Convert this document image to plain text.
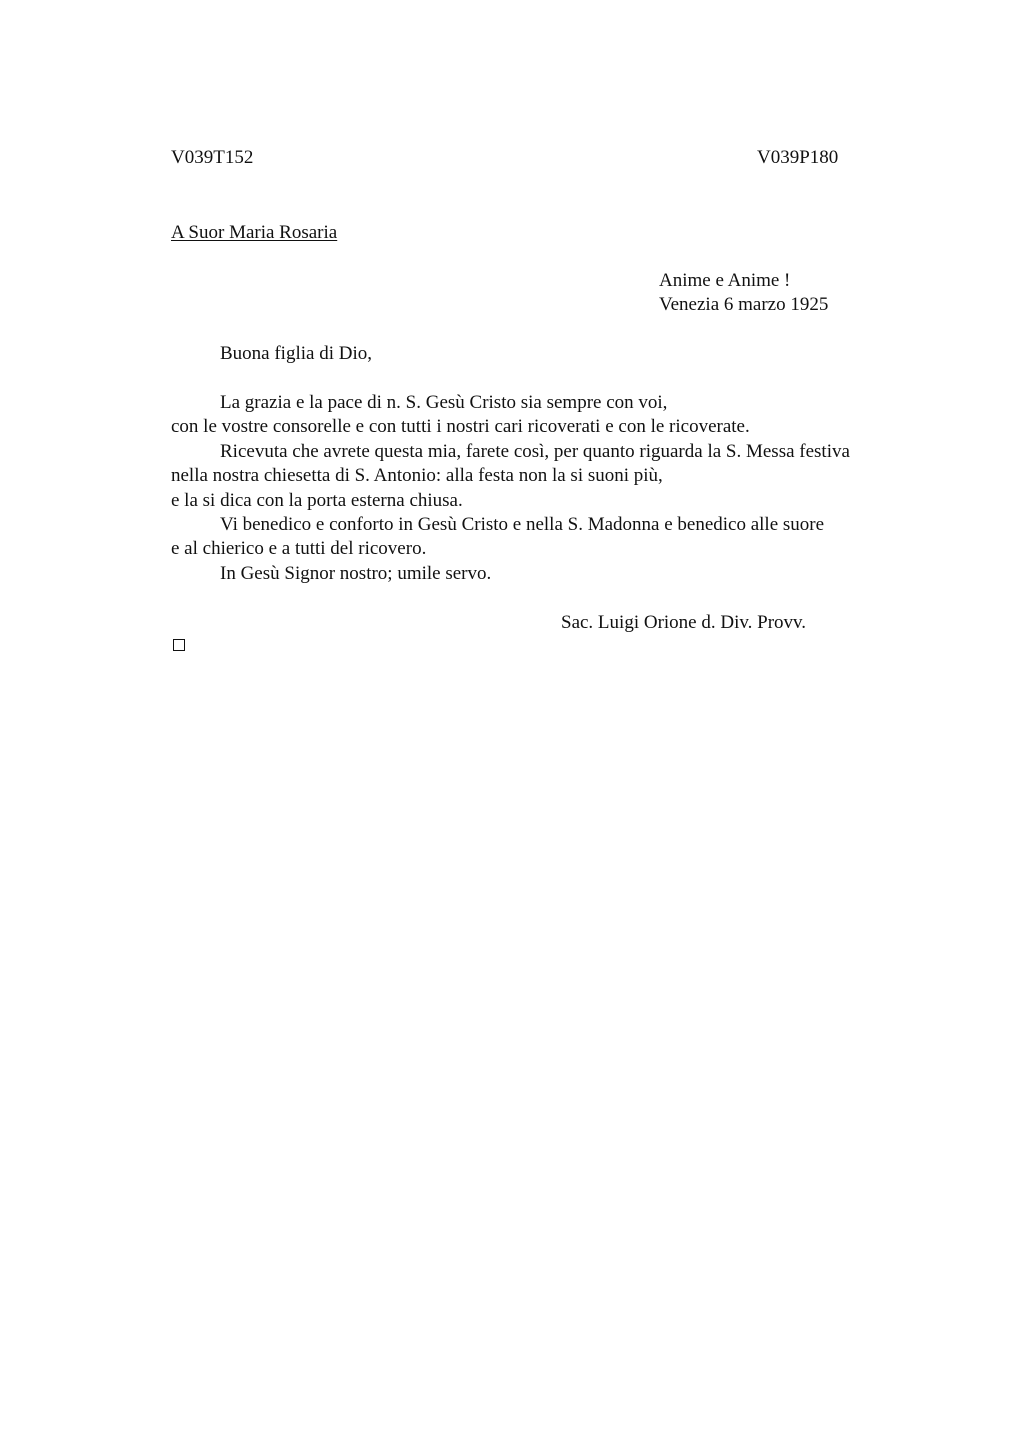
V039T152	V039P180
A Suor Maria Rosaria
Anime e Anime !
Venezia 6 marzo 1925
Buona figlia di Dio,
La grazia e la pace di n. S. Gesù Cristo sia sempre con voi,
con le vostre consorelle e con tutti i nostri cari ricoverati e con le ricoverate.
Ricevuta che avrete questa mia, farete così, per quanto riguarda la S. Messa festiva
nella nostra chiesetta di S. Antonio: alla festa non la si suoni più,
e la si dica con la porta esterna chiusa.
Vi benedico e conforto in Gesù Cristo e nella S. Madonna e benedico alle suore
e al chierico e a tutti del ricovero.
In Gesù Signor nostro; umile servo.
Sac. Luigi Orione d. Div. Provv.
